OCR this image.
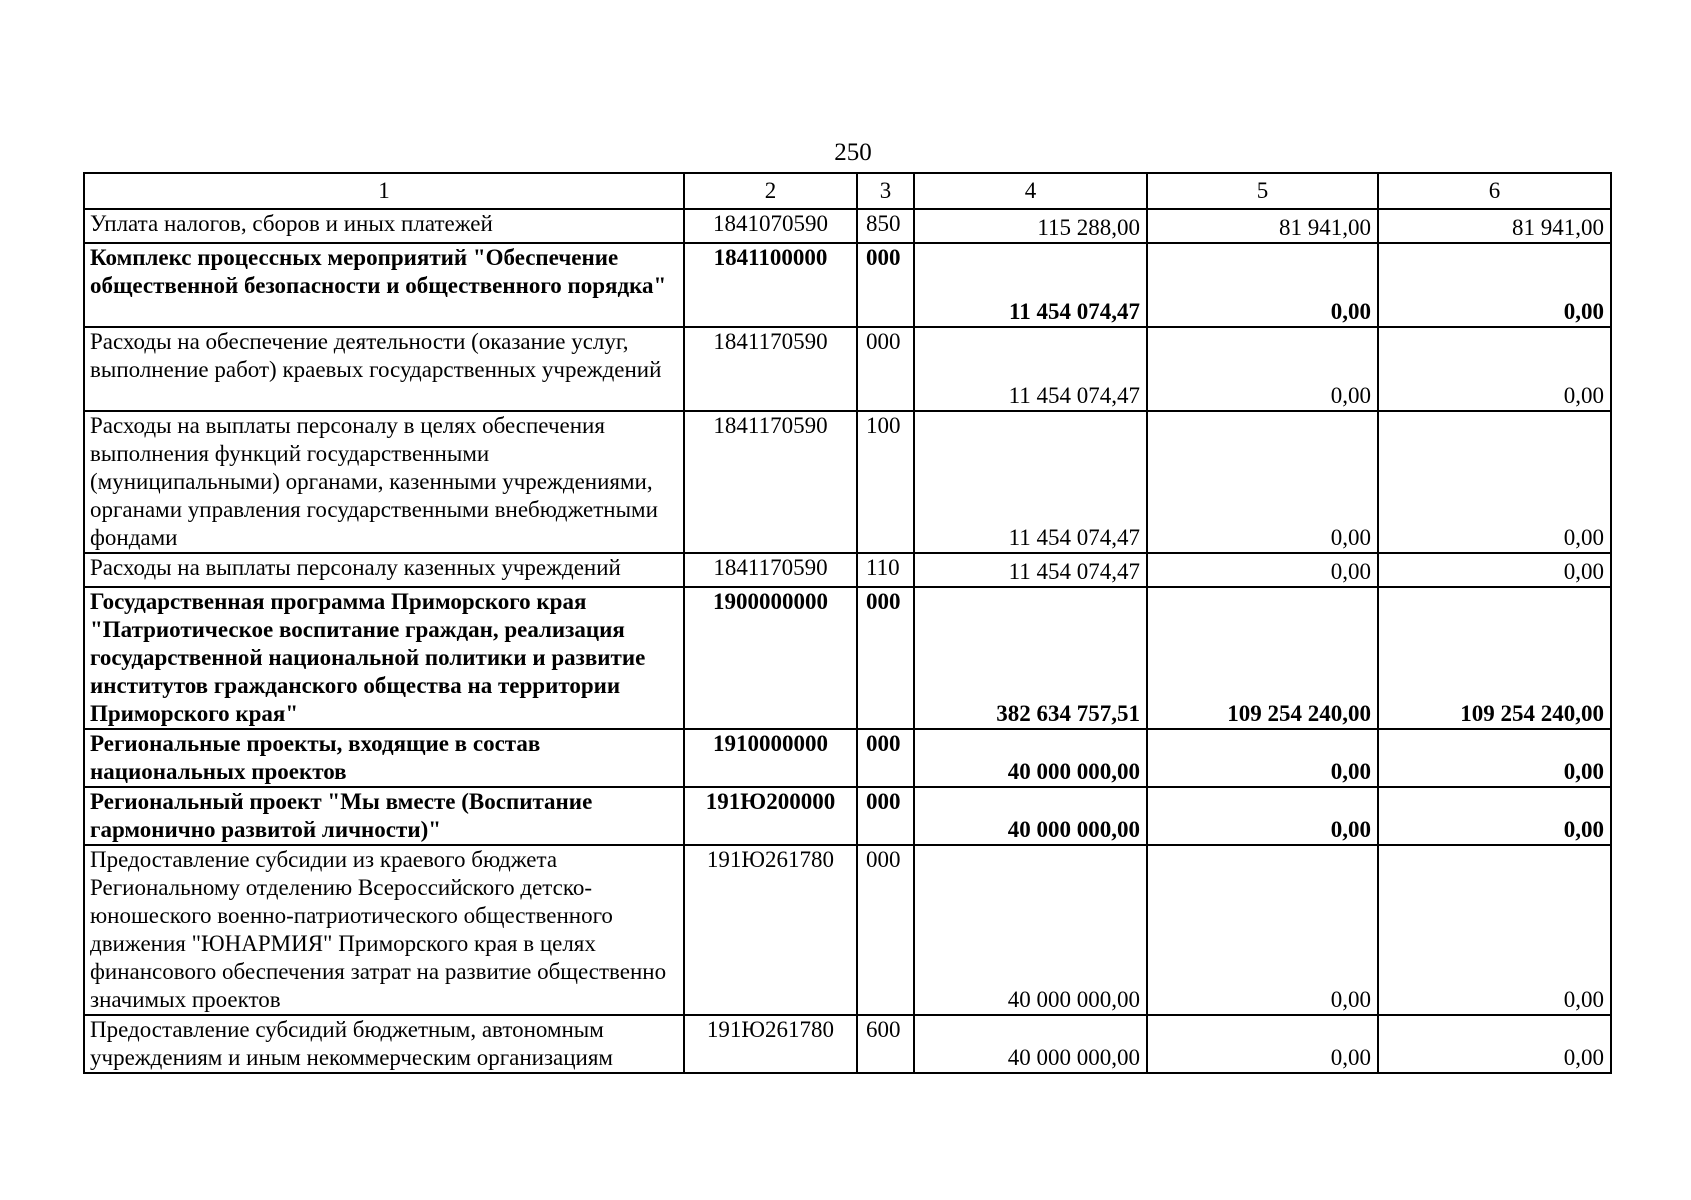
250
1	2	3	4	5	6
Уплата налогов, сборов и иных платежей	1841070590	850	115 288,00	81 941,00	81 941,00
Комплекс процессных мероприятий "Обеспечение общественной безопасности и общественного порядка"	1841100000	000	11 454 074,47	0,00	0,00
Расходы на обеспечение деятельности (оказание услуг, выполнение работ) краевых государственных учреждений	1841170590	000	11 454 074,47	0,00	0,00
Расходы на выплаты персоналу в целях обеспечения выполнения функций государственными (муниципальными) органами, казенными учреждениями, органами управления государственными внебюджетными фондами	1841170590	100	11 454 074,47	0,00	0,00
Расходы на выплаты персоналу казенных учреждений	1841170590	110	11 454 074,47	0,00	0,00
Государственная программа Приморского края "Патриотическое воспитание граждан, реализация государственной национальной политики и развитие институтов гражданского общества на территории Приморского края"	1900000000	000	382 634 757,51	109 254 240,00	109 254 240,00
Региональные проекты, входящие в состав национальных проектов	1910000000	000	40 000 000,00	0,00	0,00
Региональный проект "Мы вместе (Воспитание гармонично развитой личности)"	191Ю200000	000	40 000 000,00	0,00	0,00
Предоставление субсидии из краевого бюджета Региональному отделению Всероссийского детско-юношеского военно-патриотического общественного движения "ЮНАРМИЯ" Приморского края в целях финансового обеспечения затрат на развитие общественно значимых проектов	191Ю261780	000	40 000 000,00	0,00	0,00
Предоставление субсидий бюджетным, автономным учреждениям и иным некоммерческим организациям	191Ю261780	600	40 000 000,00	0,00	0,00
